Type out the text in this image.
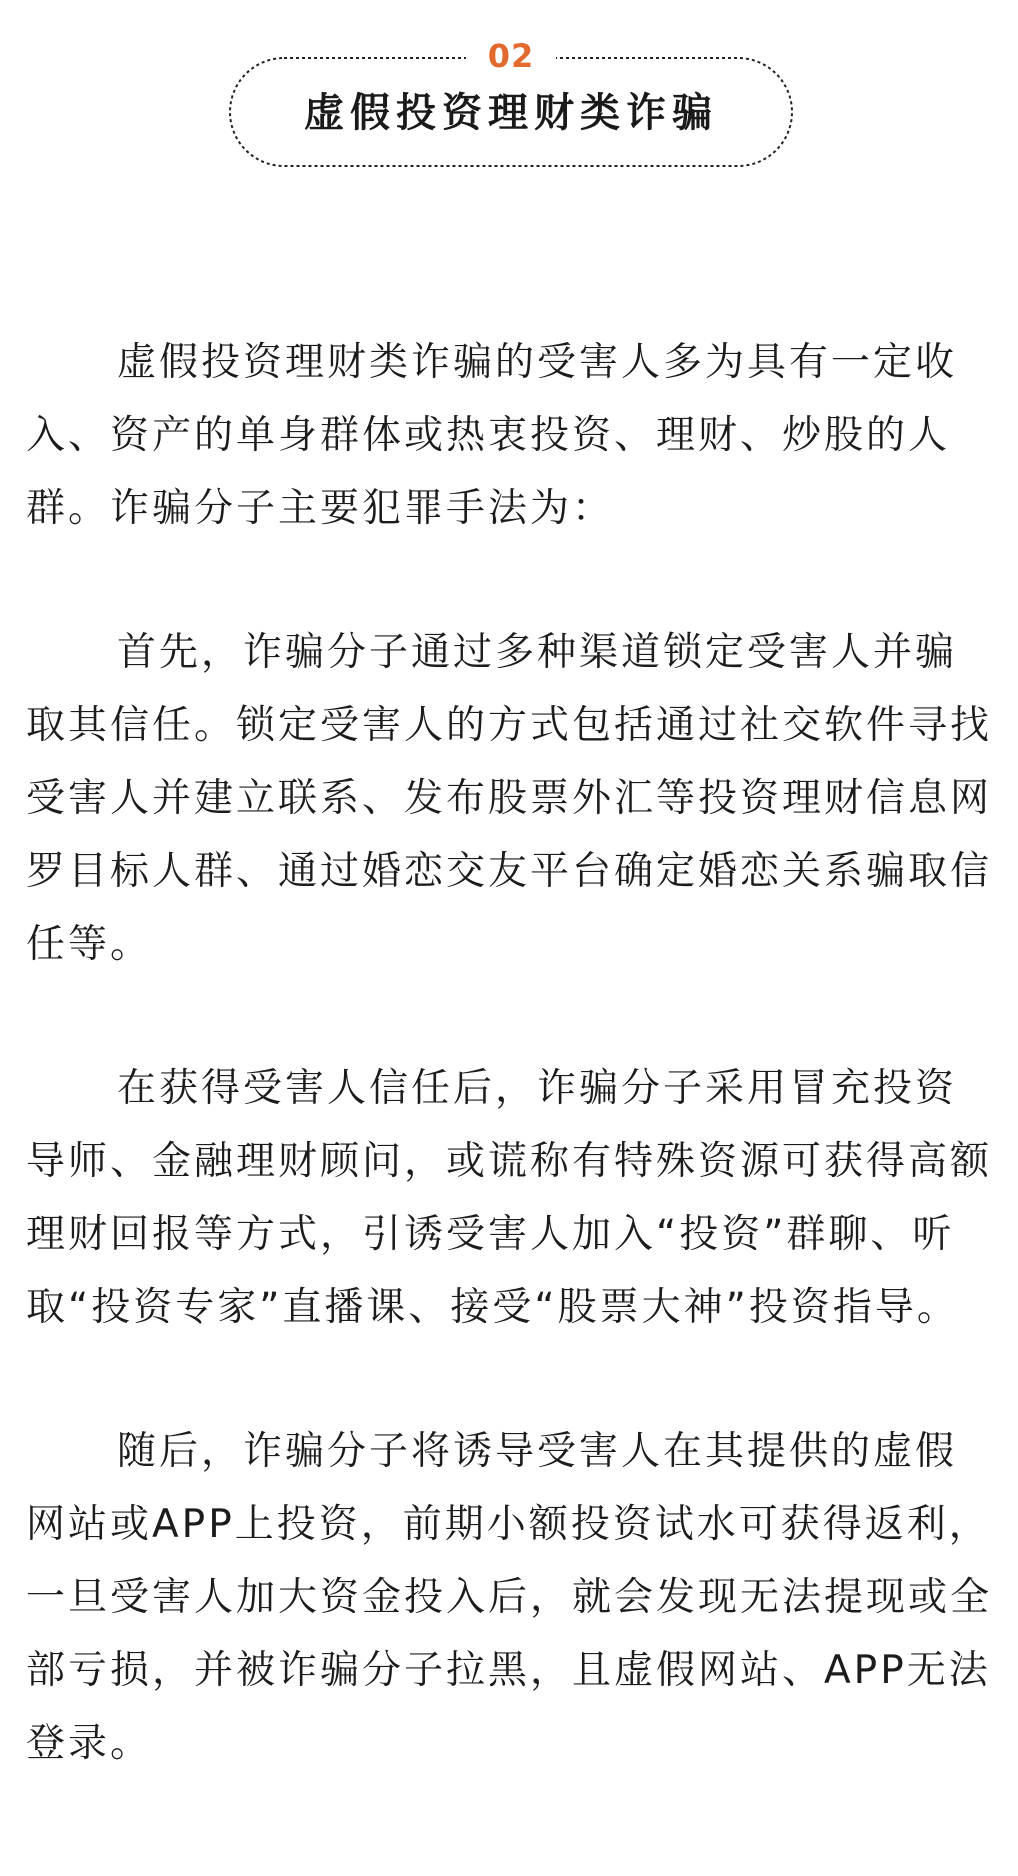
02
虚假投资理财类诈骗

虚假投资理财类诈骗的受害人多为具有一定收入、资产的单身群体或热衷投资、理财、炒股的人群。诈骗分子主要犯罪手法为：

首先，诈骗分子通过多种渠道锁定受害人并骗取其信任。锁定受害人的方式包括通过社交软件寻找受害人并建立联系、发布股票外汇等投资理财信息网罗目标人群、通过婚恋交友平台确定婚恋关系骗取信任等。

在获得受害人信任后，诈骗分子采用冒充投资导师、金融理财顾问，或谎称有特殊资源可获得高额理财回报等方式，引诱受害人加入“投资”群聊、听取“投资专家”直播课、接受“股票大神”投资指导。

随后，诈骗分子将诱导受害人在其提供的虚假网站或APP上投资，前期小额投资试水可获得返利，一旦受害人加大资金投入后，就会发现无法提现或全部亏损，并被诈骗分子拉黑，且虚假网站、APP无法登录。
